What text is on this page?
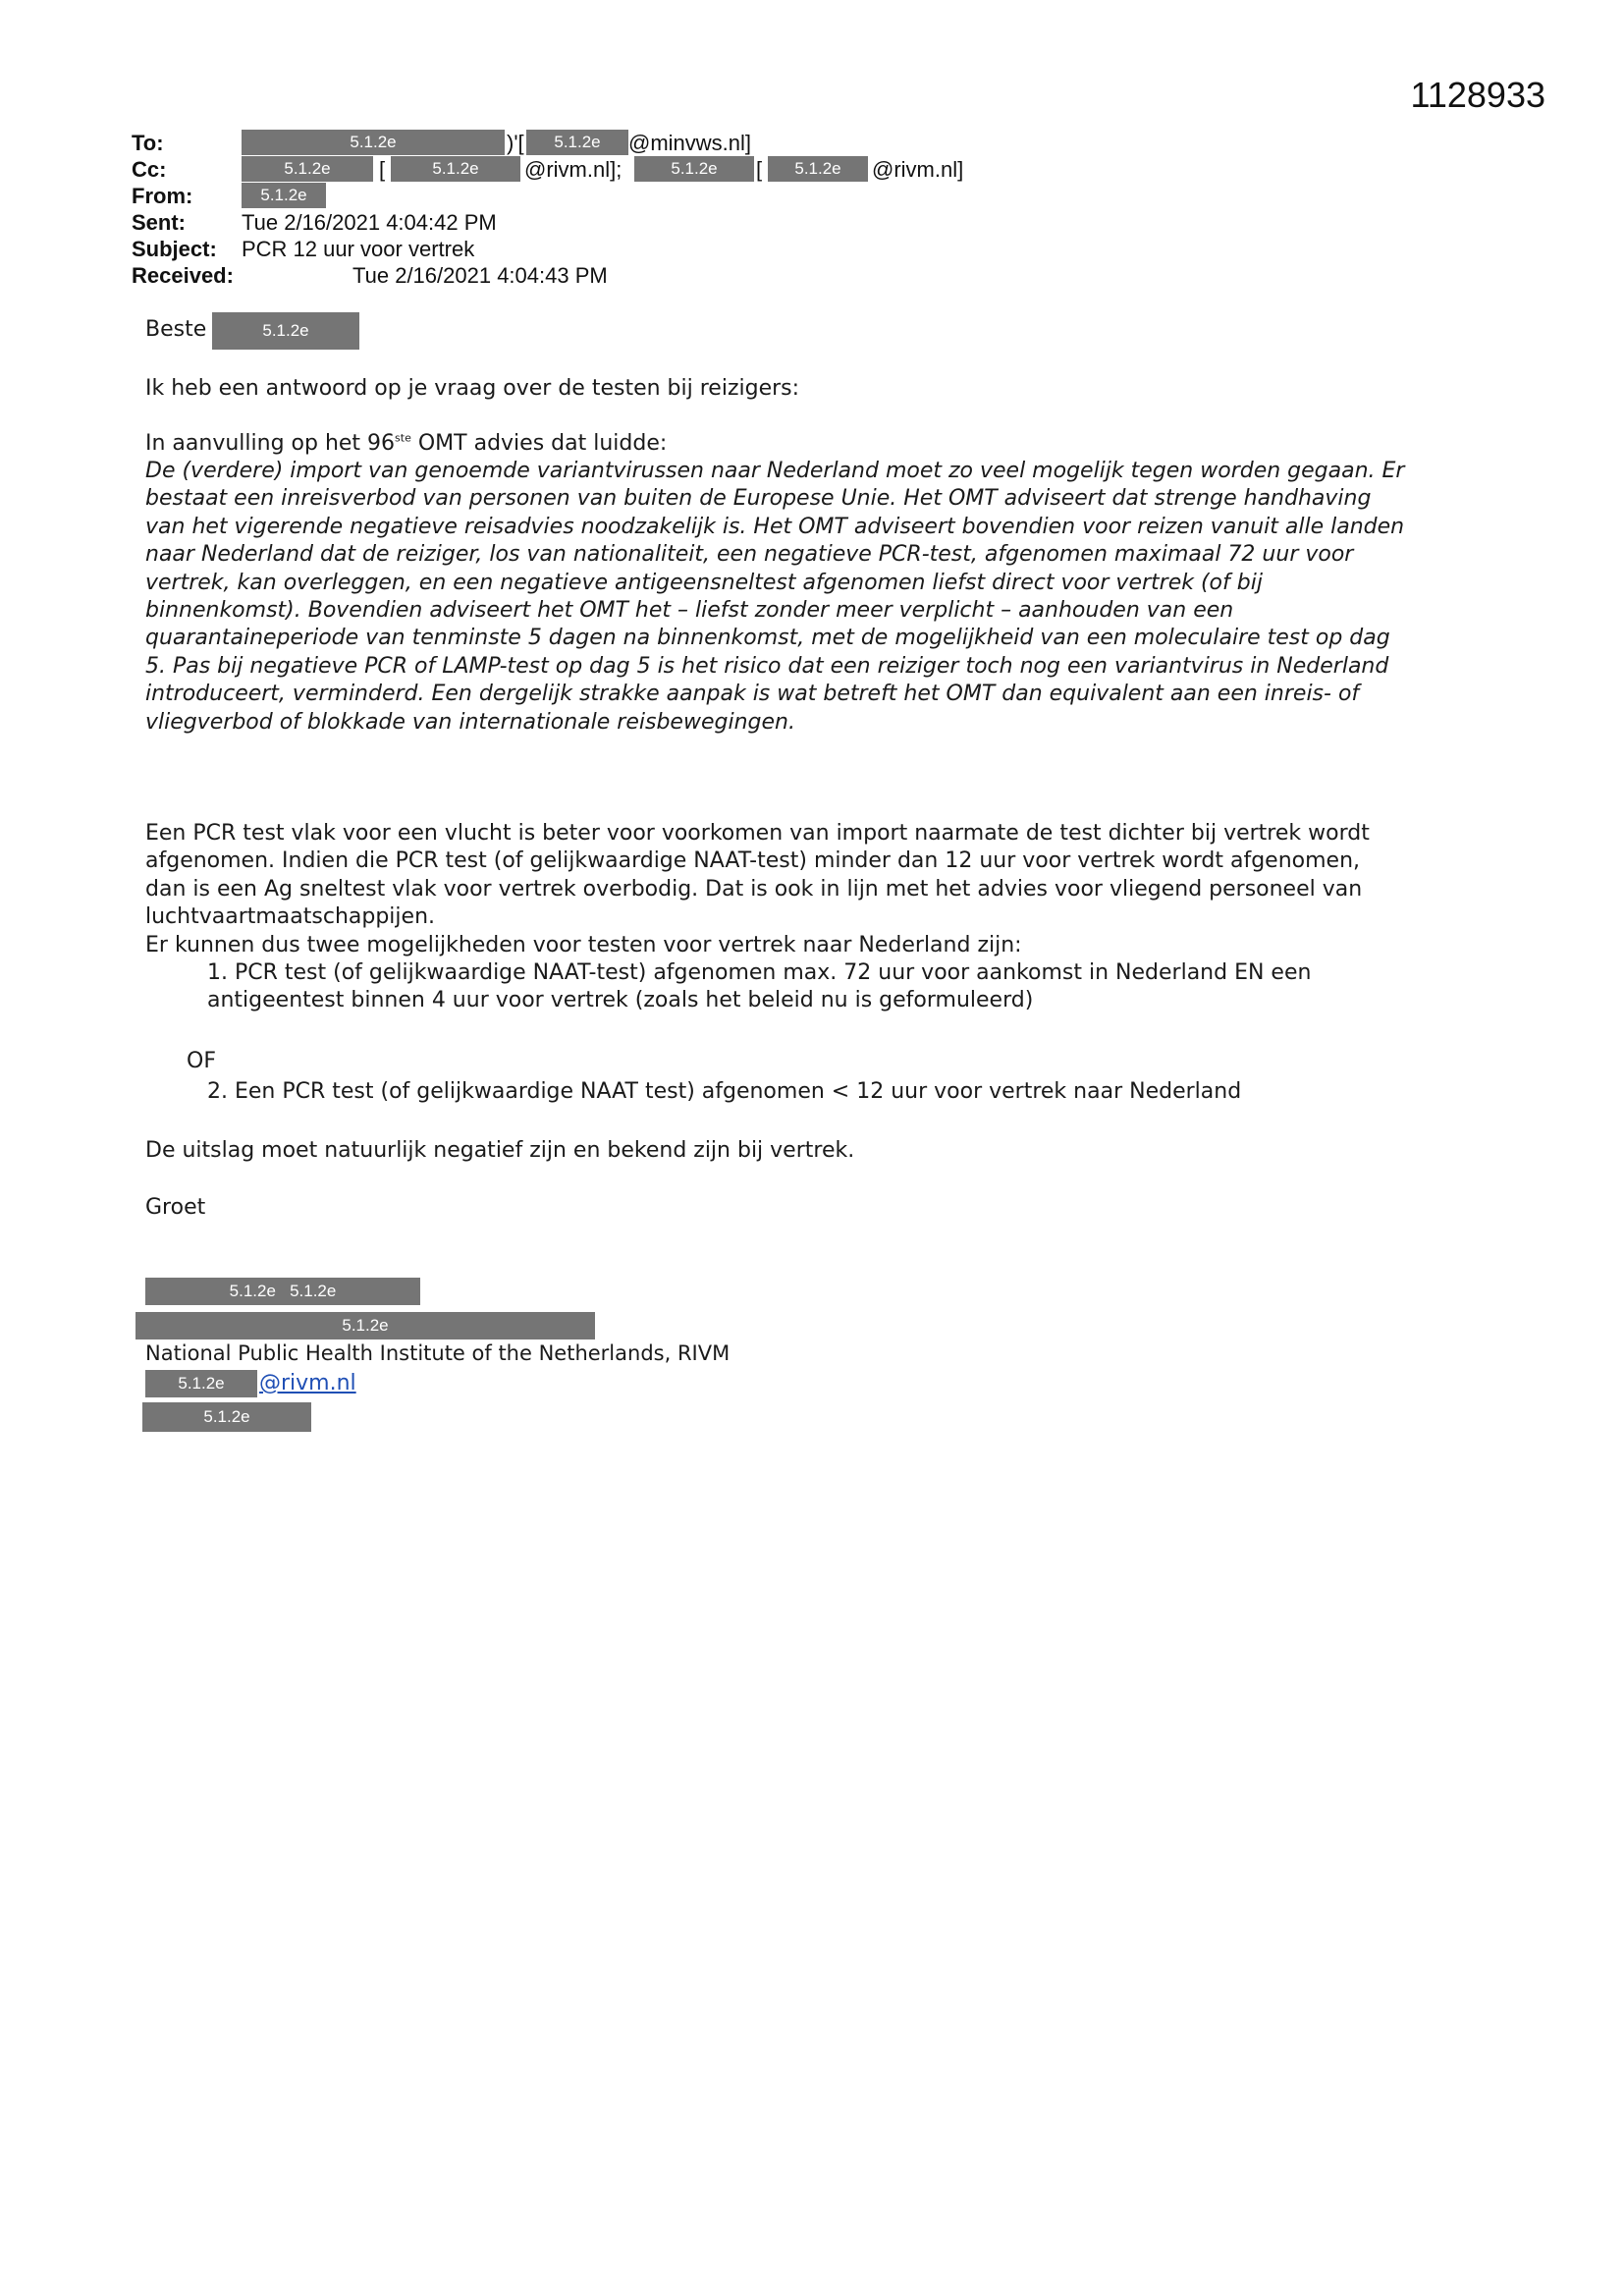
1128933
To:	5.1.2e	)'[	5.1.2e	@minvws.nl]
Cc:	5.1.2e	[	5.1.2e	@rivm.nl];	5.1.2e	[	5.1.2e	@rivm.nl]
From:	5.1.2e
Sent:	Tue 2/16/2021 4:04:42 PM
Subject: PCR 12 uur voor vertrek
Received:	Tue 2/16/2021 4:04:43 PM
Beste	5.1.2e
Ik heb een antwoord op je vraag over de testen bij reizigers:
In aanvulling op het 96ste OMT advies dat luidde:
De (verdere) import van genoemde variantvirussen naar Nederland moet zo veel mogelijk tegen worden gegaan. Er
bestaat een inreisverbod van personen van buiten de Europese Unie. Het OMT adviseert dat strenge handhaving
van het vigerende negatieve reisadvies noodzakelijk is. Het OMT adviseert bovendien voor reizen vanuit alle landen
naar Nederland dat de reiziger, los van nationaliteit, een negatieve PCR-test, afgenomen maximaal 72 uur voor
vertrek, kan overleggen, en een negatieve antigeensneltest afgenomen liefst direct voor vertrek (of bij
binnenkomst). Bovendien adviseert het OMT het – liefst zonder meer verplicht – aanhouden van een
quarantaineperiode van tenminste 5 dagen na binnenkomst, met de mogelijkheid van een moleculaire test op dag
5. Pas bij negatieve PCR of LAMP-test op dag 5 is het risico dat een reiziger toch nog een variantvirus in Nederland
introduceert, verminderd. Een dergelijk strakke aanpak is wat betreft het OMT dan equivalent aan een inreis- of
vliegverbod of blokkade van internationale reisbewegingen.
Een PCR test vlak voor een vlucht is beter voor voorkomen van import naarmate de test dichter bij vertrek wordt
afgenomen. Indien die PCR test (of gelijkwaardige NAAT-test) minder dan 12 uur voor vertrek wordt afgenomen,
dan is een Ag sneltest vlak voor vertrek overbodig. Dat is ook in lijn met het advies voor vliegend personeel van
luchtvaartmaatschappijen.
Er kunnen dus twee mogelijkheden voor testen voor vertrek naar Nederland zijn:
1. PCR test (of gelijkwaardige NAAT-test) afgenomen max. 72 uur voor aankomst in Nederland EN een
antigeentest binnen 4 uur voor vertrek (zoals het beleid nu is geformuleerd)
OF
2. Een PCR test (of gelijkwaardige NAAT test) afgenomen < 12 uur voor vertrek naar Nederland
De uitslag moet natuurlijk negatief zijn en bekend zijn bij vertrek.
Groet
5.1.2e 5.1.2e
5.1.2e
National Public Health Institute of the Netherlands, RIVM
5.1.2e	@rivm.nl
5.1.2e
